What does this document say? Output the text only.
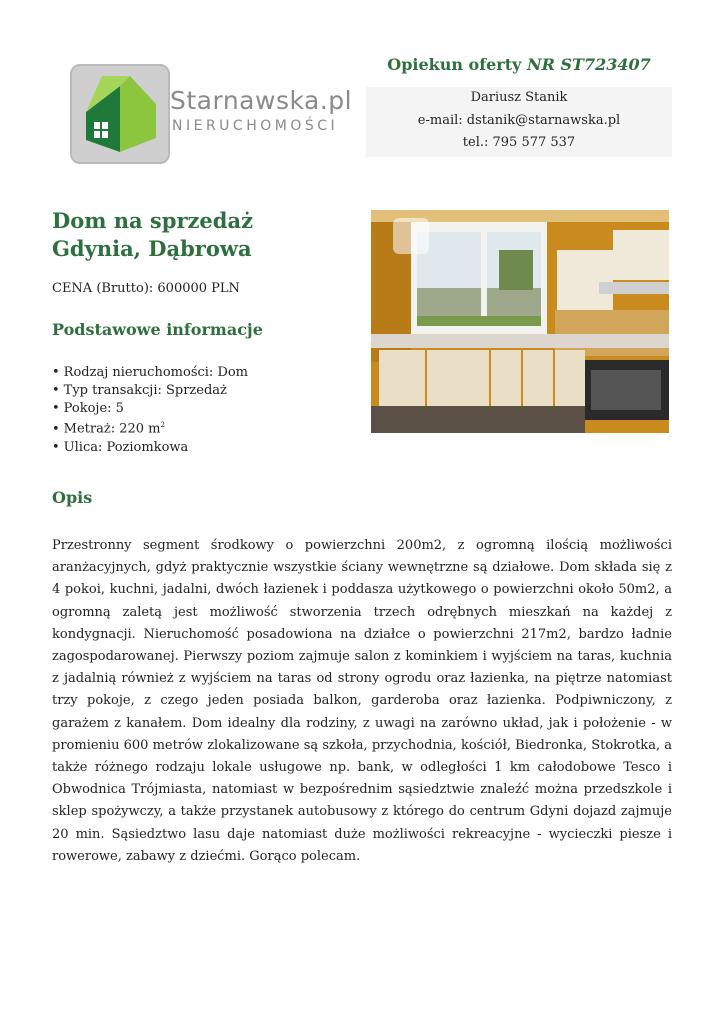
Starnawska.pl
NIERUCHOMOŚCI
Opiekun oferty NR ST723407
Dariusz Stanik
e-mail: dstanik@starnawska.pl
tel.: 795 577 537
Dom na sprzedaż
Gdynia, Dąbrowa
CENA (Brutto): 600000 PLN
Podstawowe informacje
• Rodzaj nieruchomości: Dom
• Typ transakcji: Sprzedaż
• Pokoje: 5
• Metraż: 220 $m^2$
• Ulica: Poziomkowa
Opis

Przestronny segment środkowy o powierzchni 200m2, z ogromną ilością możliwości aranżacyjnych, gdyż praktycznie wszystkie ściany wewnętrzne są działowe. Dom składa się z 4 pokoi, kuchni, jadalni, dwóch łazienek i poddasza użytkowego o powierzchni około 50m2, a ogromną zaletą jest możliwość stworzenia trzech odrębnych mieszkań na każdej z kondygnacji. Nieruchomość posadowiona na działce o powierzchni 217m2, bardzo ładnie zagospodarowanej. Pierwszy poziom zajmuje salon z kominkiem i wyjściem na taras, kuchnia z jadalnią również z wyjściem na taras od strony ogrodu oraz łazienka, na piętrze natomiast trzy pokoje, z czego jeden posiada balkon, garderoba oraz łazienka. Podpiwniczony, z garażem z kanałem. Dom idealny dla rodziny, z uwagi na zarówno układ, jak i położenie - w promieniu 600 metrów zlokalizowane są szkoła, przychodnia, kościół, Biedronka, Stokrotka, a także różnego rodzaju lokale usługowe np. bank, w odległości 1 km całodobowe Tesco i Obwodnica Trójmiasta, natomiast w bezpośrednim sąsiedztwie znaleźć można przedszkole i sklep spożywczy, a także przystanek autobusowy z którego do centrum Gdyni dojazd zajmuje 20 min. Sąsiedztwo lasu daje natomiast duże możliwości rekreacyjne - wycieczki piesze i rowerowe, zabawy z dziećmi. Gorąco polecam.
